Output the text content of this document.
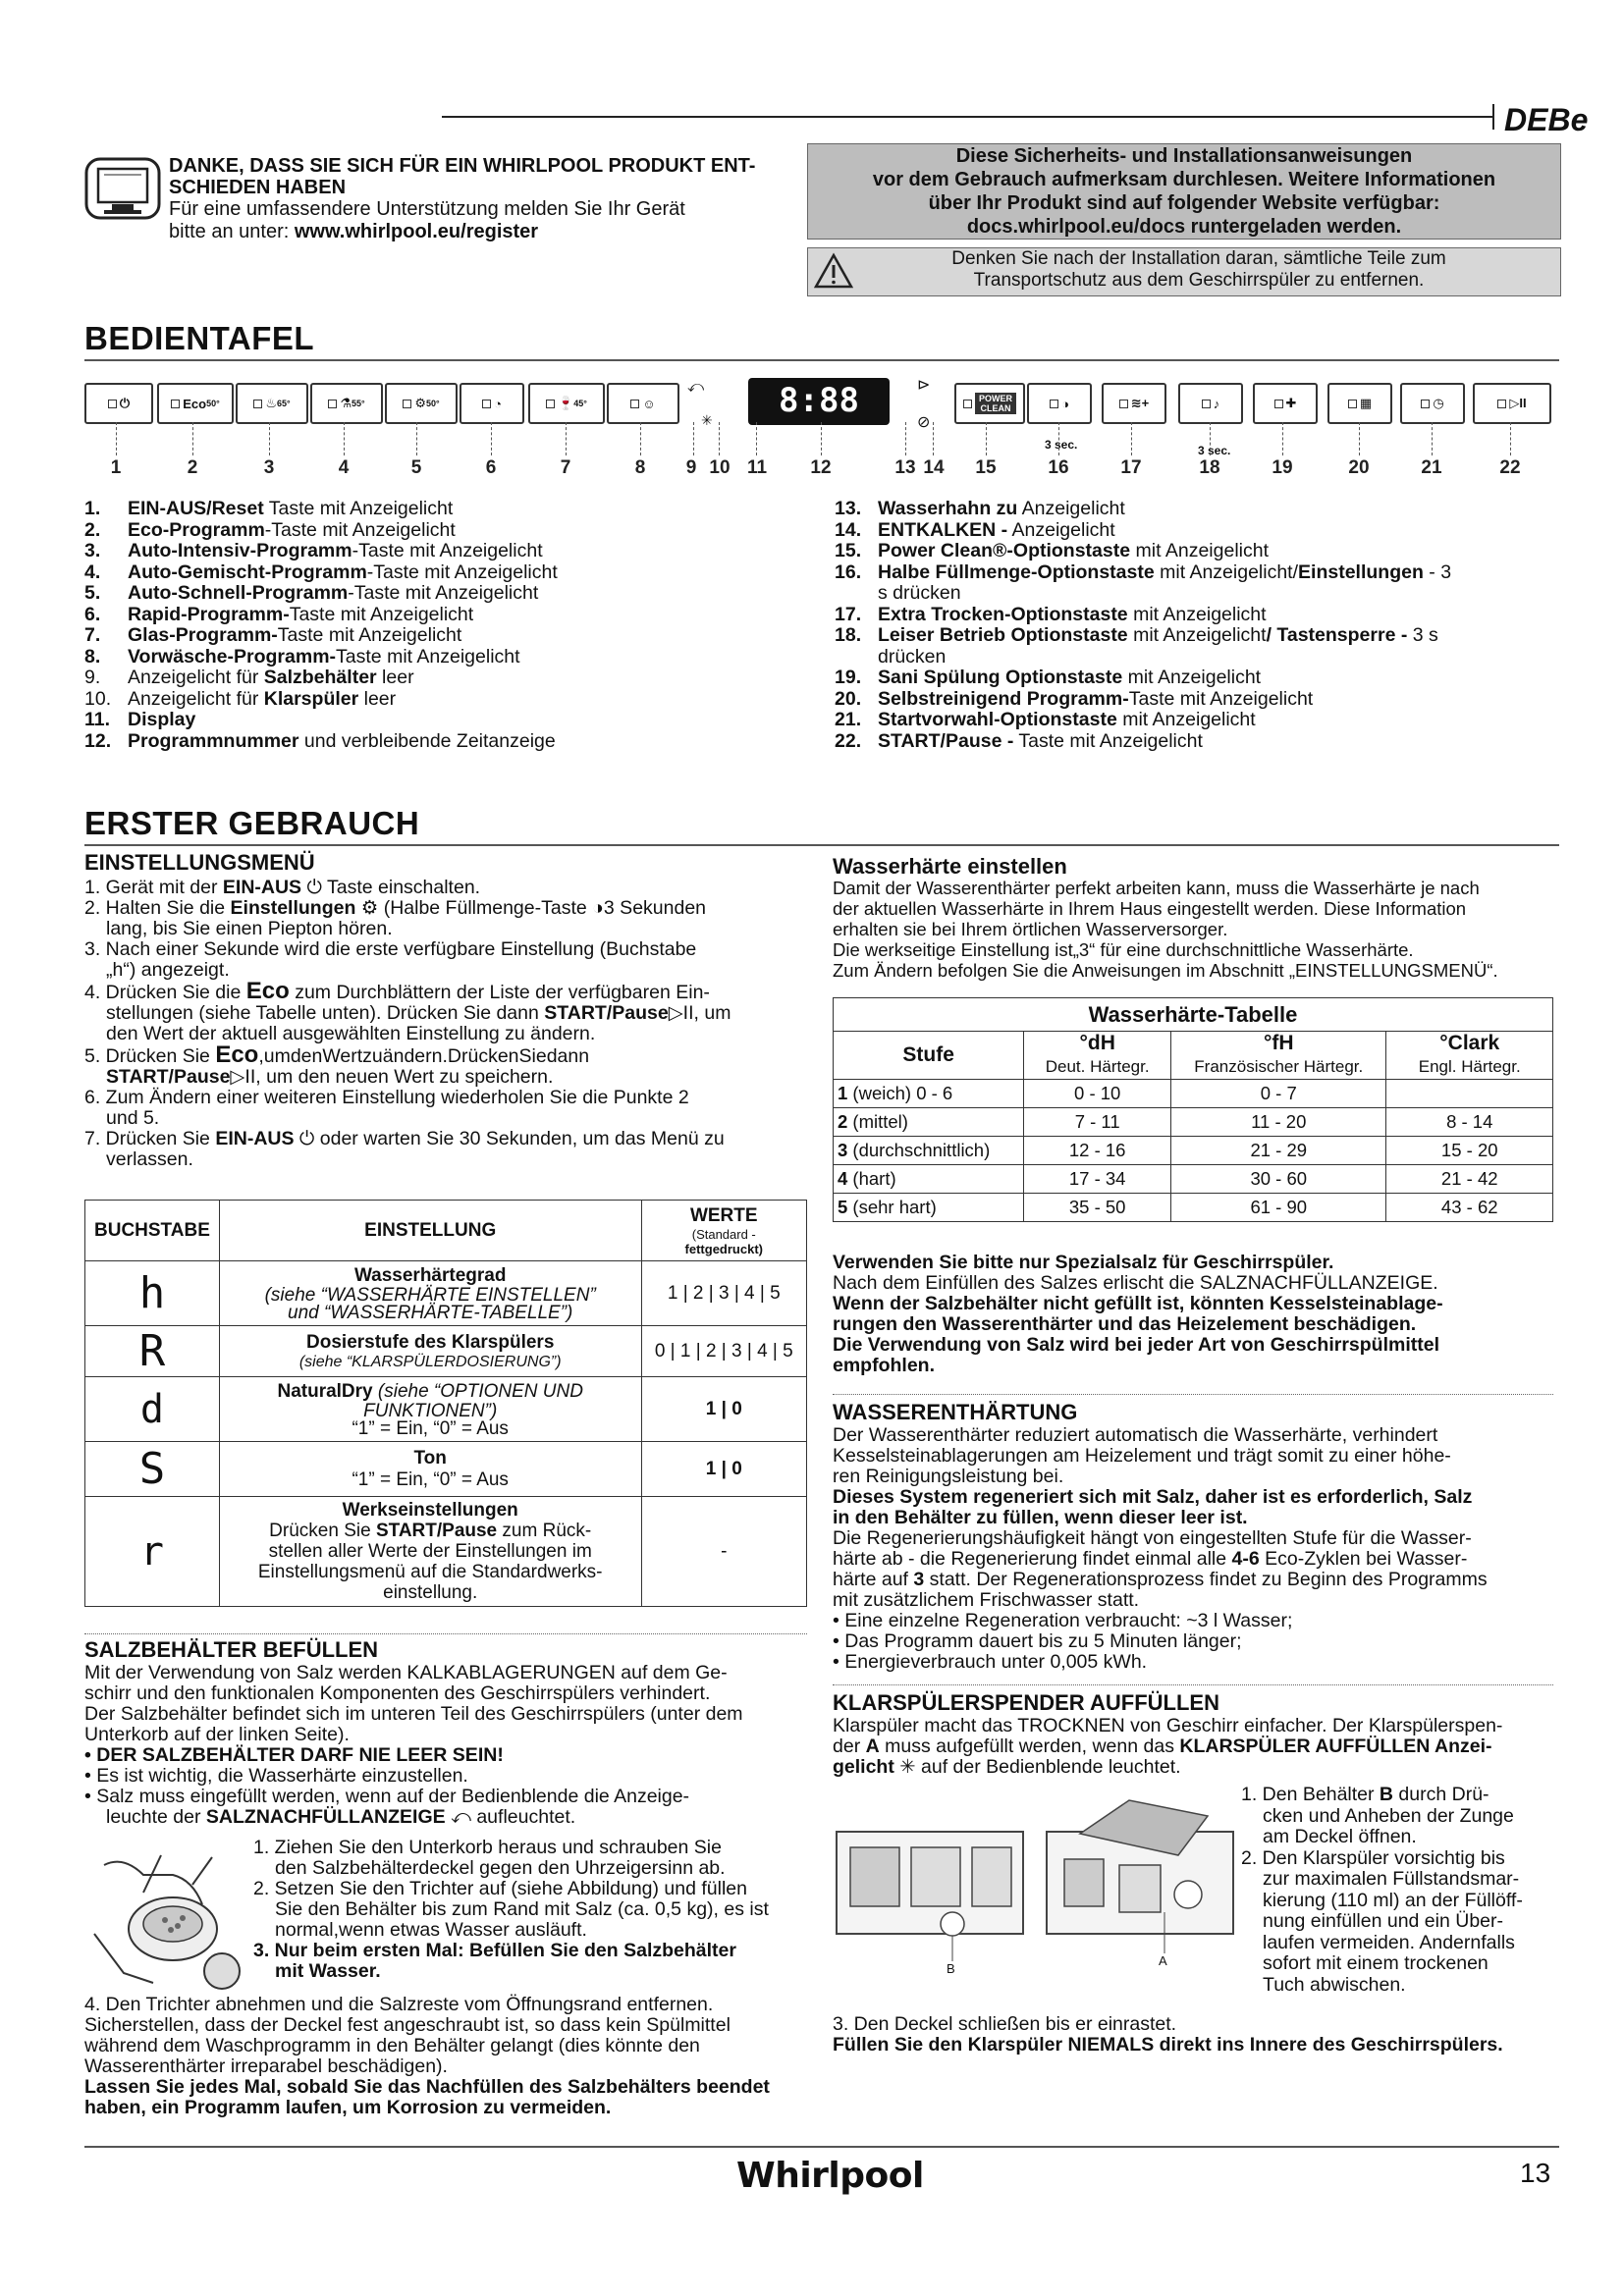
DEBe
DANKE, DASS SIE SICH FÜR EIN WHIRLPOOL PRODUKT ENT-
SCHIEDEN HABEN
Für eine umfassendere Unterstützung melden Sie Ihr Gerät
bitte an unter: www.whirlpool.eu/register
Diese Sicherheits- und Installationsanweisungen
vor dem Gebrauch aufmerksam durchlesen. Weitere Informationen
über Ihr Produkt sind auf folgender Website verfügbar:
docs.whirlpool.eu/docs runtergeladen werden.
Denken Sie nach der Installation daran, sämtliche Teile zum
Transportschutz aus dem Geschirrspüler zu entfernen.
BEDIENTAFEL
⏻	Eco 50°	♨ 65°	⚗ 55°	⚙ 50°	◔	🍷 45°	☺
⤺
✳	8:88	⊳
⊘
POWER CLEAN	◑	≋+	♪	✚	▦	◷	▷II
3 sec.	3 sec.
1	2	3	4	5	6	7	8	9 10 11 12	13 14 15	16	17	18	19	20	21	22
1.	EIN-AUS/Reset Taste mit Anzeigelicht
2.	Eco-Programm-Taste mit Anzeigelicht
3.	Auto-Intensiv-Programm-Taste mit Anzeigelicht
4.	Auto-Gemischt-Programm-Taste mit Anzeigelicht
5.	Auto-Schnell-Programm-Taste mit Anzeigelicht
6.	Rapid-Programm-Taste mit Anzeigelicht
7.	Glas-Programm-Taste mit Anzeigelicht
8.	Vorwäsche-Programm-Taste mit Anzeigelicht
9.	Anzeigelicht für Salzbehälter leer
10. Anzeigelicht für Klarspüler leer
11. Display
12. Programmnummer und verbleibende Zeitanzeige
13. Wasserhahn zu Anzeigelicht
14. ENTKALKEN - Anzeigelicht
15. Power Clean®-Optionstaste mit Anzeigelicht
16. Halbe Füllmenge-Optionstaste mit Anzeigelicht/Einstellungen - 3
s drücken
17. Extra Trocken-Optionstaste mit Anzeigelicht
18. Leiser Betrieb Optionstaste mit Anzeigelicht/ Tastensperre - 3 s
drücken
19. Sani Spülung Optionstaste mit Anzeigelicht
20. Selbstreinigend Programm-Taste mit Anzeigelicht
21. Startvorwahl-Optionstaste mit Anzeigelicht
22. START/Pause - Taste mit Anzeigelicht
ERSTER GEBRAUCH
EINSTELLUNGSMENÜ
1. Gerät mit der EIN-AUS ⏻ Taste einschalten.
2. Halten Sie die Einstellungen ⚙ (Halbe Füllmenge-Taste ◑3 Sekunden
lang, bis Sie einen Piepton hören.
3. Nach einer Sekunde wird die erste verfügbare Einstellung (Buchstabe
„h“) angezeigt.
4. Drücken Sie die Eco zum Durchblättern der Liste der verfügbaren Ein-
stellungen (siehe Tabelle unten). Drücken Sie dann START/Pause▷II, um
den Wert der aktuell ausgewählten Einstellung zu ändern.
5. Drücken Sie Eco,umdenWertzuändern.DrückenSiedann
START/Pause▷II, um den neuen Wert zu speichern.
6. Zum Ändern einer weiteren Einstellung wiederholen Sie die Punkte 2
und 5.
7. Drücken Sie EIN-AUS ⏻ oder warten Sie 30 Sekunden, um das Menü zu
verlassen.
BUCHSTABE	EINSTELLUNG	WERTE
(Standard -
fettgedruckt)

h	Wasserhärtegrad
(siehe “WASSERHÄRTE EINSTELLEN”
und “WASSERHÄRTE-TABELLE”)	1 | 2 | 3 | 4 | 5
R	Dosierstufe des Klarspülers
(siehe “KLARSPÜLERDOSIERUNG”)	0 | 1 | 2 | 3 | 4 | 5
d	NaturalDry (siehe “OPTIONEN UND
FUNKTIONEN”)
“1” = Ein, “0” = Aus	1 | 0
S	Ton
“1” = Ein, “0” = Aus	1 | 0
r	Werkseinstellungen
Drücken Sie START/Pause zum Rück-
stellen aller Werte der Einstellungen im
Einstellungsmenü auf die Standardwerks-
einstellung.	-
SALZBEHÄLTER BEFÜLLEN
Mit der Verwendung von Salz werden KALKABLAGERUNGEN auf dem Ge-
schirr und den funktionalen Komponenten des Geschirrspülers verhindert.
Der Salzbehälter befindet sich im unteren Teil des Geschirrspülers (unter dem
Unterkorb auf der linken Seite).
• DER SALZBEHÄLTER DARF NIE LEER SEIN!
• Es ist wichtig, die Wasserhärte einzustellen.
• Salz muss eingefüllt werden, wenn auf der Bedienblende die Anzeige-
leuchte der SALZNACHFÜLLANZEIGE ⤺ aufleuchtet.
1. Ziehen Sie den Unterkorb heraus und schrauben Sie
den Salzbehälterdeckel gegen den Uhrzeigersinn ab.
2. Setzen Sie den Trichter auf (siehe Abbildung) und füllen
Sie den Behälter bis zum Rand mit Salz (ca. 0,5 kg), es ist
normal,wenn etwas Wasser ausläuft.
3. Nur beim ersten Mal: Befüllen Sie den Salzbehälter
mit Wasser.
4. Den Trichter abnehmen und die Salzreste vom Öffnungsrand entfernen.
Sicherstellen, dass der Deckel fest angeschraubt ist, so dass kein Spülmittel
während dem Waschprogramm in den Behälter gelangt (dies könnte den
Wasserenthärter irreparabel beschädigen).
Lassen Sie jedes Mal, sobald Sie das Nachfüllen des Salzbehälters beendet
haben, ein Programm laufen, um Korrosion zu vermeiden.
Wasserhärte einstellen
Damit der Wasserenthärter perfekt arbeiten kann, muss die Wasserhärte je nach
der aktuellen Wasserhärte in Ihrem Haus eingestellt werden. Diese Information
erhalten sie bei Ihrem örtlichen Wasserversorger.
Die werkseitige Einstellung ist„3“ für eine durchschnittliche Wasserhärte.
Zum Ändern befolgen Sie die Anweisungen im Abschnitt „EINSTELLUNGSMENÜ“.
Wasserhärte-Tabelle			
Stufe	°dH	°fH	°Clark
	Deut. Härtegr.	Französischer Härtegr.	Engl. Härtegr.
1 (weich) 0 - 6	0 - 10	0 - 7	
2 (mittel)	7 - 11	11 - 20	8 - 14
3 (durchschnittlich)	12 - 16	21 - 29	15 - 20
4 (hart)	17 - 34	30 - 60	21 - 42
5 (sehr hart)	35 - 50	61 - 90	43 - 62
Verwenden Sie bitte nur Spezialsalz für Geschirrspüler.
Nach dem Einfüllen des Salzes erlischt die SALZNACHFÜLLANZEIGE.
Wenn der Salzbehälter nicht gefüllt ist, könnten Kesselsteinablage-
rungen den Wasserenthärter und das Heizelement beschädigen.
Die Verwendung von Salz wird bei jeder Art von Geschirrspülmittel
empfohlen.
WASSERENTHÄRTUNG
Der Wasserenthärter reduziert automatisch die Wasserhärte, verhindert
Kesselsteinablagerungen am Heizelement und trägt somit zu einer höhe-
ren Reinigungsleistung bei.
Dieses System regeneriert sich mit Salz, daher ist es erforderlich, Salz
in den Behälter zu füllen, wenn dieser leer ist.
Die Regenerierungshäufigkeit hängt von eingestellten Stufe für die Wasser-
härte ab - die Regenerierung findet einmal alle 4-6 Eco-Zyklen bei Wasser-
härte auf 3 statt. Der Regenerationsprozess findet zu Beginn des Programms
mit zusätzlichem Frischwasser statt.
• Eine einzelne Regeneration verbraucht: ~3 l Wasser;
• Das Programm dauert bis zu 5 Minuten länger;
• Energieverbrauch unter 0,005 kWh.
KLARSPÜLERSPENDER AUFFÜLLEN
Klarspüler macht das TROCKNEN von Geschirr einfacher. Der Klarspülerspen-
der A muss aufgefüllt werden, wenn das KLARSPÜLER AUFFÜLLEN Anzei-
gelicht ✳ auf der Bedienblende leuchtet.
B
A
1. Den Behälter B durch Drü-
cken und Anheben der Zunge
am Deckel öffnen.
2. Den Klarspüler vorsichtig bis
zur maximalen Füllstandsmar-
kierung (110 ml) an der Füllöff-
nung einfüllen und ein Über-
laufen vermeiden. Andernfalls
sofort mit einem trockenen
Tuch abwischen.
3. Den Deckel schließen bis er einrastet.
Füllen Sie den Klarspüler NIEMALS direkt ins Innere des Geschirrspülers.
Whirlpool	13
